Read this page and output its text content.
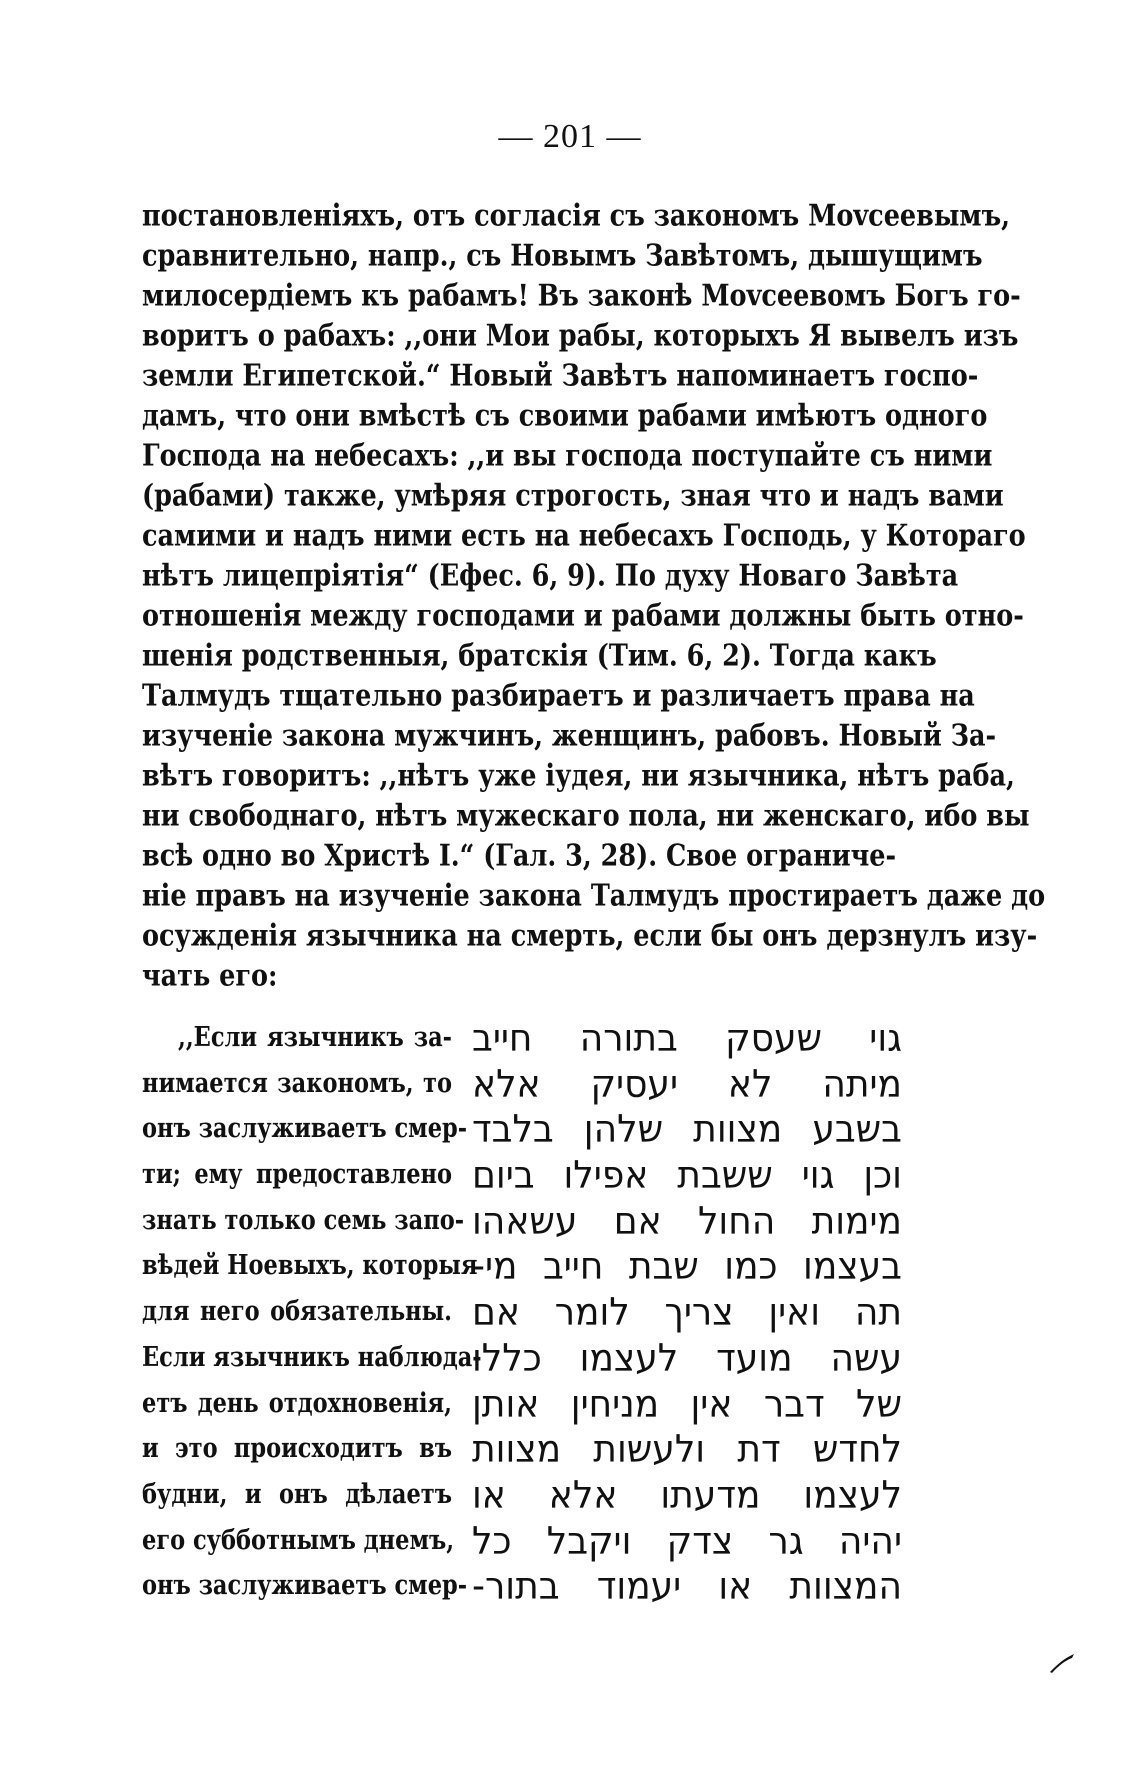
— 201 —
постановленіяхъ, отъ согласія съ закономъ Моvсеевымъ,
сравнительно, напр., съ Новымъ Завѣтомъ, дышущимъ
милосердіемъ къ рабамъ! Въ законѣ Моvсеевомъ Богъ го-
воритъ о рабахъ: ,,они Мои рабы, которыхъ Я вывелъ изъ
земли Египетской.“ Новый Завѣтъ напоминаетъ госпо-
дамъ, что они вмѣстѣ съ своими рабами имѣютъ одного
Господа на небесахъ: ,,и вы господа поступайте съ ними
(рабами) также, умѣряя строгость, зная что и надъ вами
самими и надъ ними есть на небесахъ Господь, у Котораго
нѣтъ лицепріятія“ (Ефес. 6, 9). По духу Новаго Завѣта
отношенія между господами и рабами должны быть отно-
шенія родственныя, братскія (Тим. 6, 2). Тогда какъ
Талмудъ тщательно разбираетъ и различаетъ права на
изученіе закона мужчинъ, женщинъ, рабовъ. Новый За-
вѣтъ говоритъ: ,,нѣтъ уже іудея, ни язычника, нѣтъ раба,
ни свободнаго, нѣтъ мужескаго пола, ни женскаго, ибо вы
всѣ одно во Христѣ І.“ (Гал. 3, 28). Свое ограниче-
ніе правъ на изученіе закона Талмудъ простираетъ даже до
осужденія язычника на смерть, если бы онъ дерзнулъ изу-
чать его:
,,Если язычникъ за-
нимается закономъ, то
онъ заслуживаетъ смер-
ти; ему предоставлено
знать только семь запо-
вѣдей Ноевыхъ, которыя
для него обязательны.
Если язычникъ наблюда-
етъ день отдохновенія,
и это происходитъ въ
будни, и онъ дѣлаетъ
его субботнымъ днемъ,
онъ заслуживаетъ смер-
גוי שעסק בתורה חייב
מיתה לא יעסיק אלא
בשבע מצוות שלהן בלבד
וכן גוי ששבת אפילו ביום
מימות החול אם עשאהו
בעצמו כמו שבת חייב מי-
תה ואין צריך לומר אם
עשה מועד לעצמו כללו
של דבר אין מניחין אותן
לחדש דת ולעשות מצוות
לעצמו מדעתו אלא או
יהיה גר צדק ויקבל כל
המצוות או יעמוד בתור-
